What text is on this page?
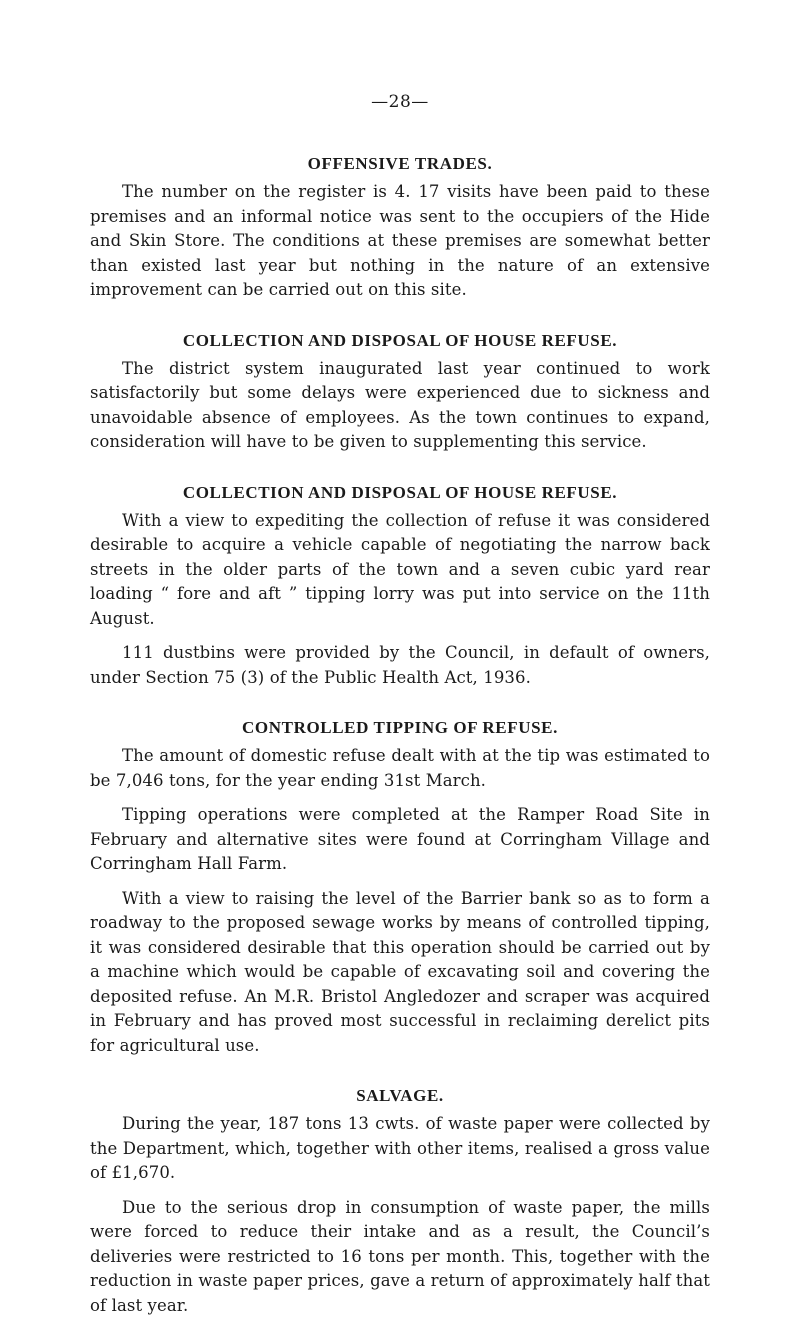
—28—
OFFENSIVE TRADES.

The number on the register is 4. 17 visits have been paid to these premises and an informal notice was sent to the occupiers of the Hide and Skin Store. The conditions at these premises are somewhat better than existed last year but nothing in the nature of an extensive improvement can be carried out on this site.

COLLECTION AND DISPOSAL OF HOUSE REFUSE.

The district system inaugurated last year continued to work satisfactorily but some delays were experienced due to sickness and unavoidable absence of employees. As the town continues to expand, consideration will have to be given to supplementing this service.

COLLECTION AND DISPOSAL OF HOUSE REFUSE.

With a view to expediting the collection of refuse it was considered desirable to acquire a vehicle capable of negotiating the narrow back streets in the older parts of the town and a seven cubic yard rear loading “ fore and aft ” tipping lorry was put into service on the 11th August.

111 dustbins were provided by the Council, in default of owners, under Section 75 (3) of the Public Health Act, 1936.

CONTROLLED TIPPING OF REFUSE.

The amount of domestic refuse dealt with at the tip was estimated to be 7,046 tons, for the year ending 31st March.

Tipping operations were completed at the Ramper Road Site in February and alternative sites were found at Corringham Village and Corringham Hall Farm.

With a view to raising the level of the Barrier bank so as to form a roadway to the proposed sewage works by means of controlled tipping, it was considered desirable that this operation should be carried out by a machine which would be capable of excavating soil and covering the deposited refuse. An M.R. Bristol Angledozer and scraper was acquired in February and has proved most successful in reclaiming derelict pits for agricultural use.

SALVAGE.

During the year, 187 tons 13 cwts. of waste paper were collected by the Department, which, together with other items, realised a gross value of £1,670.

Due to the serious drop in consumption of waste paper, the mills were forced to reduce their intake and as a result, the Council’s deliveries were restricted to 16 tons per month. This, together with the reduction in waste paper prices, gave a return of approximately half that of last year.
